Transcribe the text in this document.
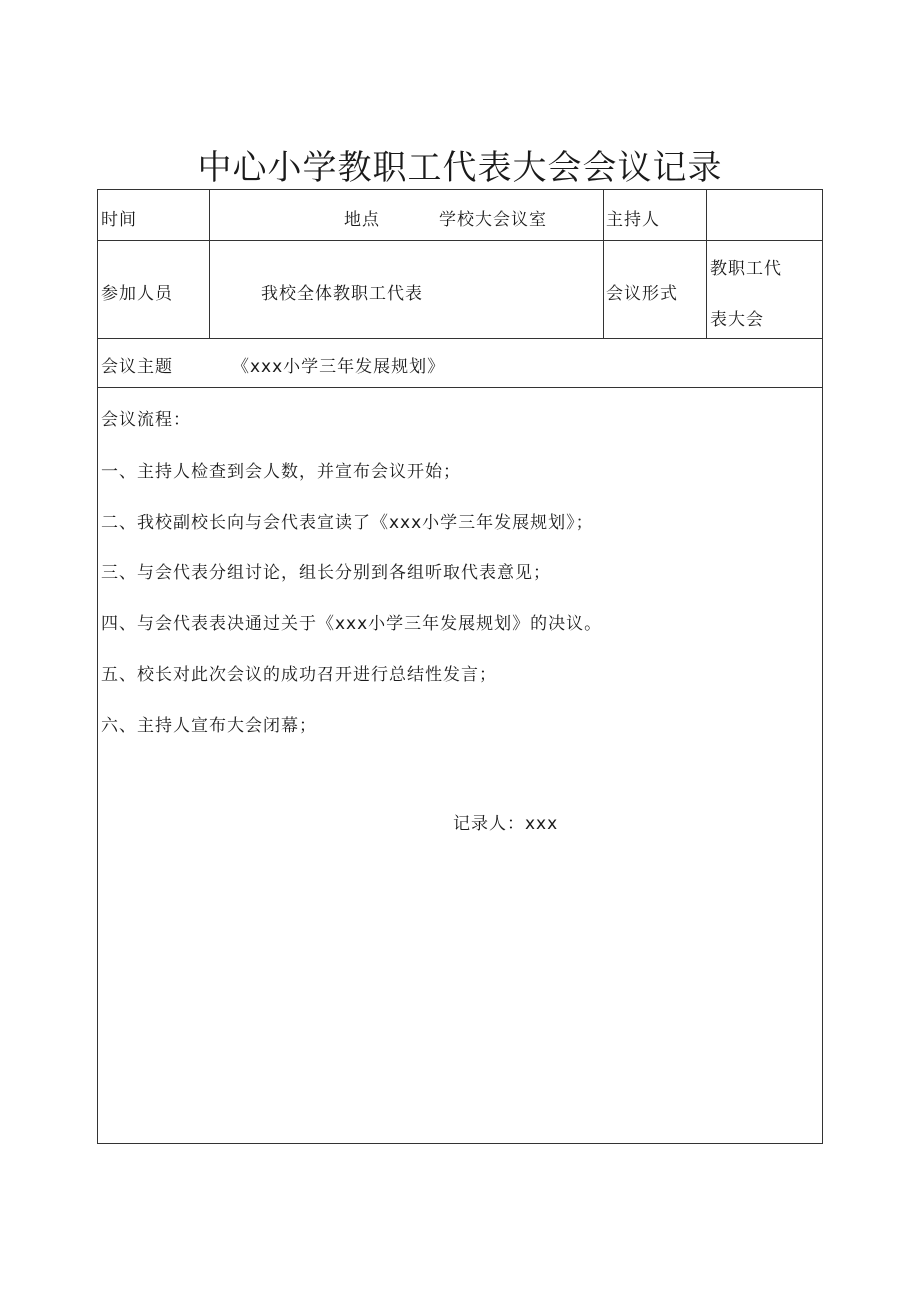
中心小学教职工代表大会会议记录
时间	地点	学校大会议室	主持人
参加人员	我校全体教职工代表	会议形式
教职工代
表大会
会议主题	《xxx小学三年发展规划》
会议流程：
一、主持人检查到会人数，并宣布会议开始；
二、我校副校长向与会代表宣读了《xxx小学三年发展规划》；
三、与会代表分组讨论，组长分别到各组听取代表意见；
四、与会代表表决通过关于《xxx小学三年发展规划》的决议。
五、校长对此次会议的成功召开进行总结性发言；
六、主持人宣布大会闭幕；
记录人：xxx
